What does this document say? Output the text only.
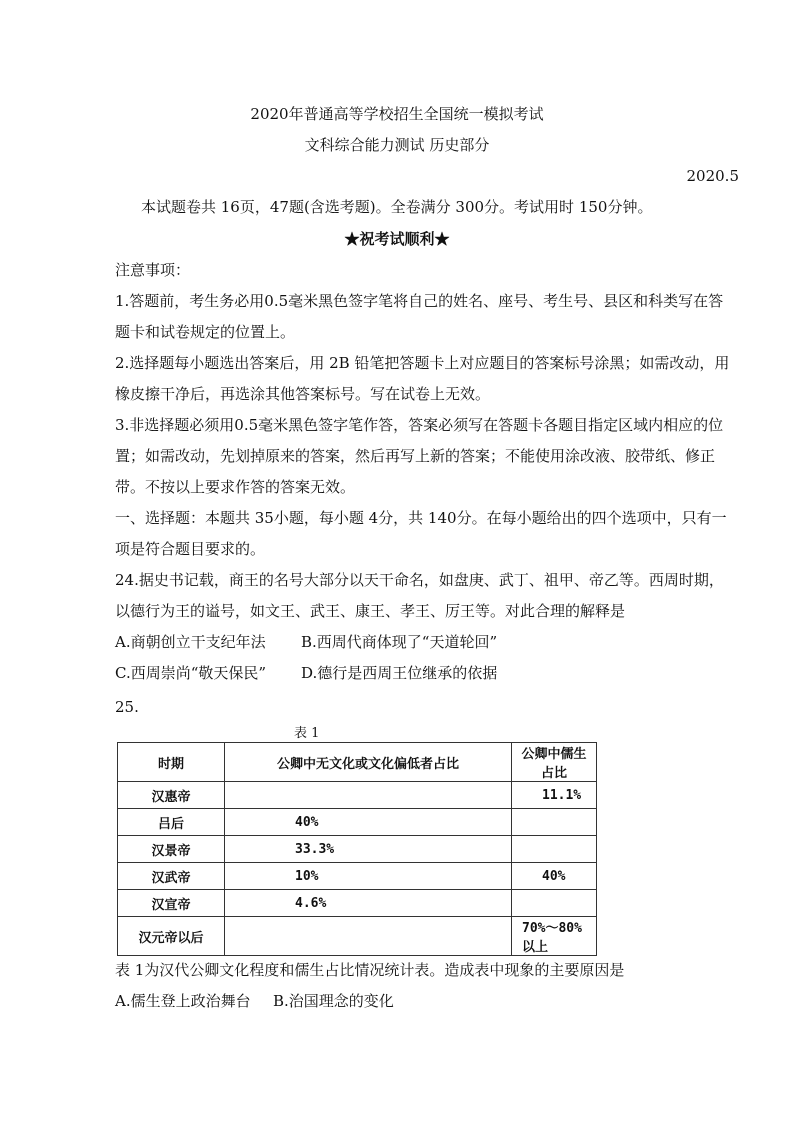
2020年普通高等学校招生全国统一模拟考试
文科综合能力测试 历史部分
2020.5
本试题卷共 16页，47题(含选考题)。全卷满分 300分。考试用时 150分钟。
★祝考试顺利★
注意事项：
1.答题前，考生务必用0.5毫米黑色签字笔将自己的姓名、座号、考生号、县区和科类写在答
题卡和试卷规定的位置上。
2.选择题每小题选出答案后，用 2B 铅笔把答题卡上对应题目的答案标号涂黑；如需改动，用
橡皮擦干净后，再选涂其他答案标号。写在试卷上无效。
3.非选择题必须用0.5毫米黑色签字笔作答，答案必须写在答题卡各题目指定区域内相应的位
置；如需改动，先划掉原来的答案，然后再写上新的答案；不能使用涂改液、胶带纸、修正
带。不按以上要求作答的答案无效。
一、选择题：本题共 35小题，每小题 4分，共 140分。在每小题给出的四个选项中，只有一
项是符合题目要求的。
24.据史书记载，商王的名号大部分以天干命名，如盘庚、武丁、祖甲、帝乙等。西周时期，
以德行为王的谥号，如文王、武王、康王、孝王、厉王等。对此合理的解释是
A.商朝创立干支纪年法 B.西周代商体现了“天道轮回”
C.西周崇尚“敬天保民” D.德行是西周王位继承的依据
25.
表 1
时期	公卿中无文化或文化偏低者占比	公卿中儒生占比
汉惠帝		11.1%
吕后	40%	
汉景帝	33.3%	
汉武帝	10%	40%
汉宣帝	4.6%	
汉元帝以后		70%～80%以上
表 1为汉代公卿文化程度和儒生占比情况统计表。造成表中现象的主要原因是
A.儒生登上政治舞台 B.治国理念的变化
